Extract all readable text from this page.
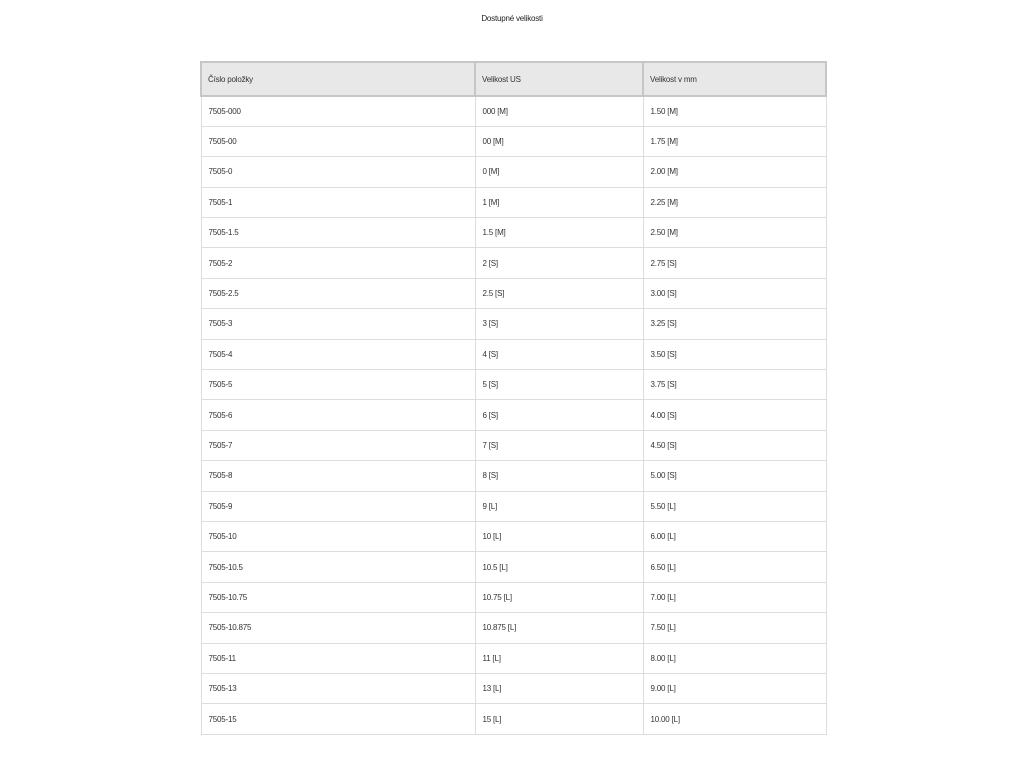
Dostupné velikosti
Číslo položky	Velikost US	Velikost v mm
7505-000	000 [M]	1.50 [M]
7505-00	00 [M]	1.75 [M]
7505-0	0 [M]	2.00 [M]
7505-1	1 [M]	2.25 [M]
7505-1.5	1.5 [M]	2.50 [M]
7505-2	2 [S]	2.75 [S]
7505-2.5	2.5 [S]	3.00 [S]
7505-3	3 [S]	3.25 [S]
7505-4	4 [S]	3.50 [S]
7505-5	5 [S]	3.75 [S]
7505-6	6 [S]	4.00 [S]
7505-7	7 [S]	4.50 [S]
7505-8	8 [S]	5.00 [S]
7505-9	9 [L]	5.50 [L]
7505-10	10 [L]	6.00 [L]
7505-10.5	10.5 [L]	6.50 [L]
7505-10.75	10.75 [L]	7.00 [L]
7505-10.875	10.875 [L]	7.50 [L]
7505-11	11 [L]	8.00 [L]
7505-13	13 [L]	9.00 [L]
7505-15	15 [L]	10.00 [L]
